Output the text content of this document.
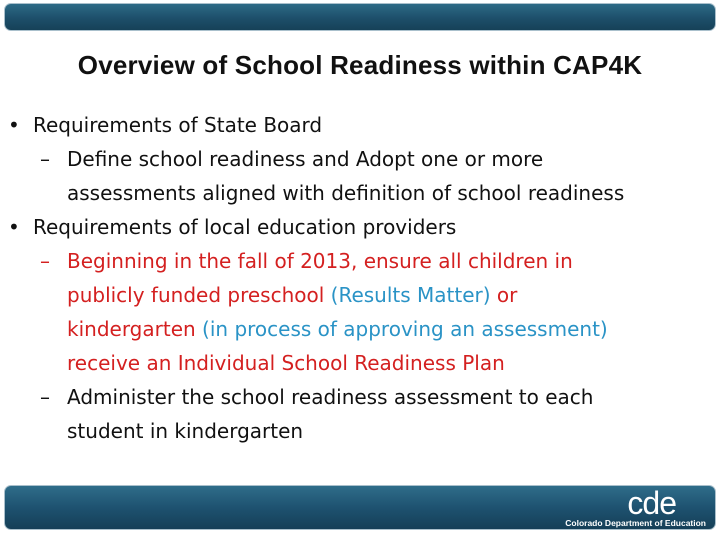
Overview of School Readiness within CAP4K

• Requirements of State Board

– Define school readiness and Adopt one or more
assessments aligned with definition of school readiness

• Requirements of local education providers

– Beginning in the fall of 2013, ensure all children in
publicly funded preschool (Results Matter) or
kindergarten (in process of approving an assessment)
receive an Individual School Readiness Plan

– Administer the school readiness assessment to each
student in kindergarten

cde
Colorado Department of Education
